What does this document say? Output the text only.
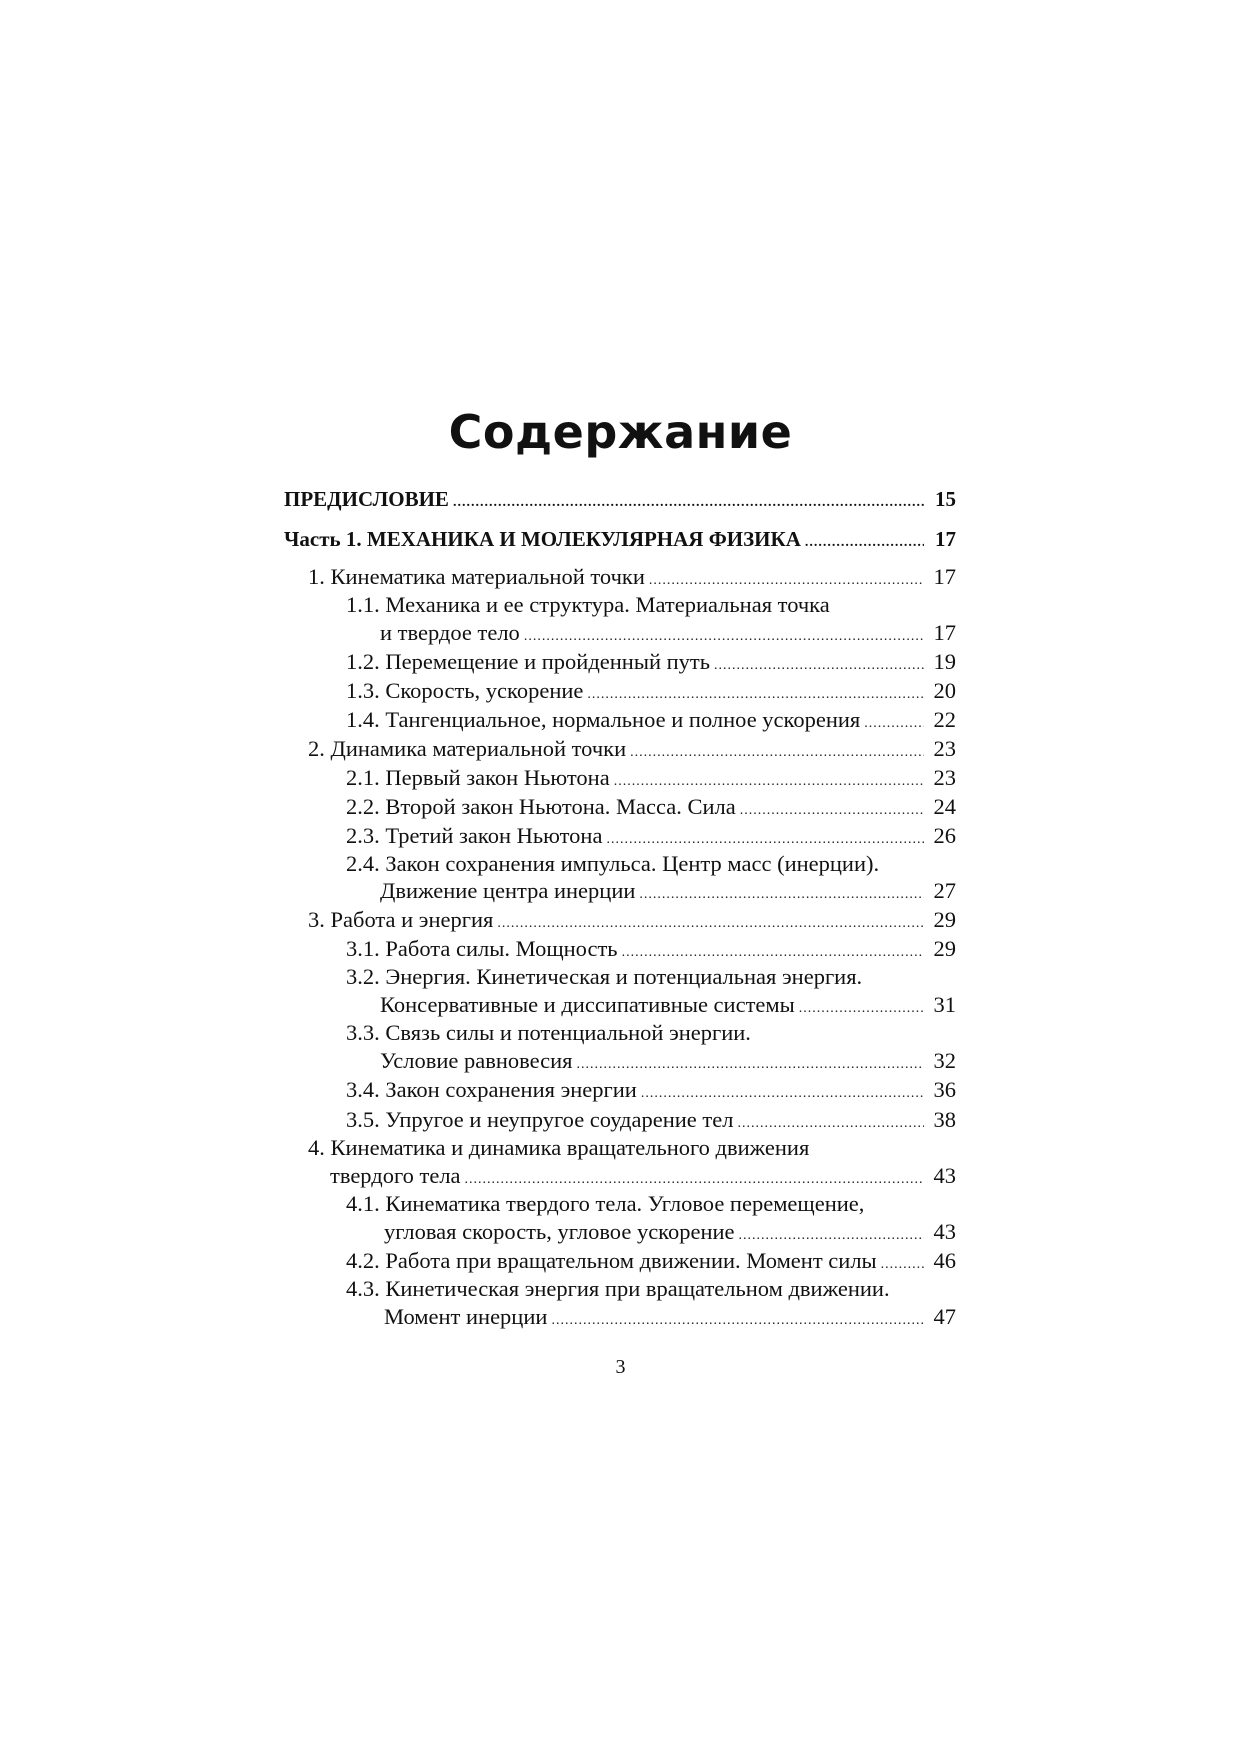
Содержание
ПРЕДИСЛОВИЕ .....	15
Часть 1. МЕХАНИКА И МОЛЕКУЛЯРНАЯ ФИЗИКА .....	17
1. Кинематика материальной точки .....	17
1.1. Механика и ее структура. Материальная точка
и твердое тело .....	17
1.2. Перемещение и пройденный путь .....	19
1.3. Скорость, ускорение .....	20
1.4. Тангенциальное, нормальное и полное ускорения .....	22
2. Динамика материальной точки .....	23
2.1. Первый закон Ньютона .....	23
2.2. Второй закон Ньютона. Масса. Сила .....	24
2.3. Третий закон Ньютона .....	26
2.4. Закон сохранения импульса. Центр масс (инерции).
Движение центра инерции .....	27
3. Работа и энергия .....	29
3.1. Работа силы. Мощность .....	29
3.2. Энергия. Кинетическая и потенциальная энергия.
Консервативные и диссипативные системы .....	31
3.3. Связь силы и потенциальной энергии.
Условие равновесия .....	32
3.4. Закон сохранения энергии .....	36
3.5. Упругое и неупругое соударение тел .....	38
4. Кинематика и динамика вращательного движения
твердого тела .....	43
4.1. Кинематика твердого тела. Угловое перемещение,
угловая скорость, угловое ускорение .....	43
4.2. Работа при вращательном движении. Момент силы .....	46
4.3. Кинетическая энергия при вращательном движении.
Момент инерции .....	47
3
